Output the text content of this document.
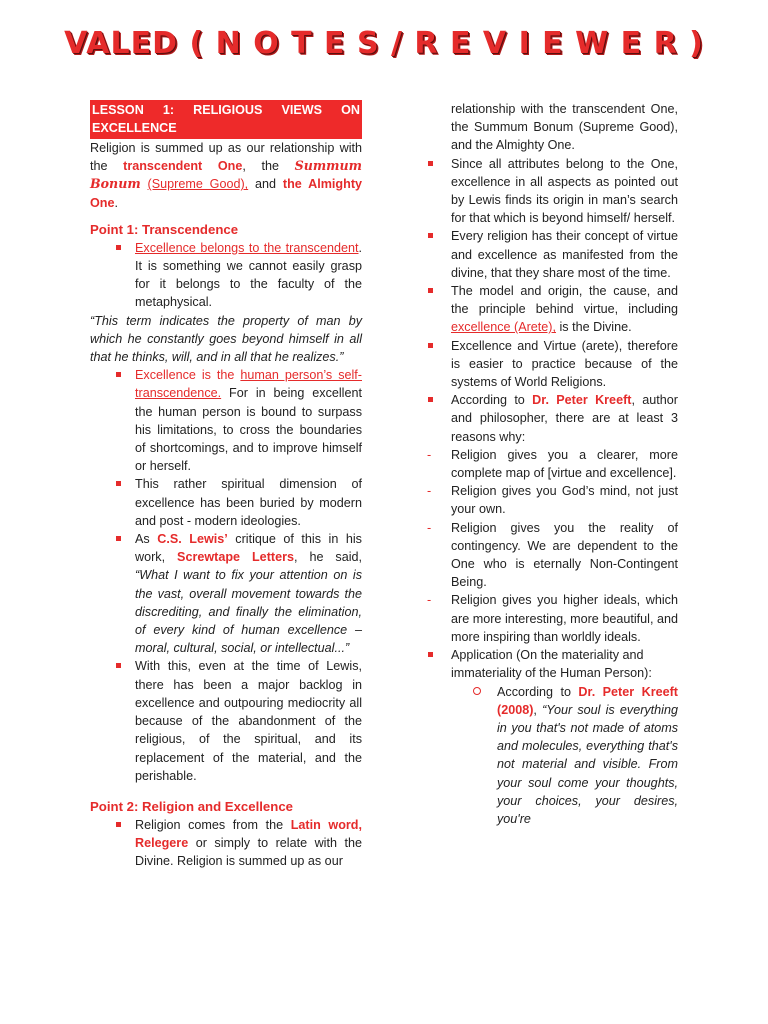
VALED ( N O T E S / R E V I E W E R )
LESSON 1: RELIGIOUS VIEWS ON EXCELLENCE

Religion is summed up as our relationship with the transcendent One, the Summum Bonum (Supreme Good), and the Almighty One.

Point 1: Transcendence
Excellence belongs to the transcendent. It is something we cannot easily grasp for it belongs to the faculty of the metaphysical.

“This term indicates the property of man by which he constantly goes beyond himself in all that he thinks, will, and in all that he realizes.”

Excellence is the human person’s self-transcendence. For in being excellent the human person is bound to surpass his limitations, to cross the boundaries of shortcomings, and to improve himself or herself.
This rather spiritual dimension of excellence has been buried by modern and post - modern ideologies.
As C.S. Lewis’ critique of this in his work, Screwtape Letters, he said, “What I want to fix your attention on is the vast, overall movement towards the discrediting, and finally the elimination, of every kind of human excellence – moral, cultural, social, or intellectual...”
With this, even at the time of Lewis, there has been a major backlog in excellence and outpouring mediocrity all because of the abandonment of the religious, of the spiritual, and its replacement of the material, and the perishable.
Point 2: Religion and Excellence
Religion comes from the Latin word, Relegere or simply to relate with the Divine. Religion is summed up as our

relationship with the transcendent One, the Summum Bonum (Supreme Good), and the Almighty One.

Since all attributes belong to the One, excellence in all aspects as pointed out by Lewis finds its origin in man’s search for that which is beyond himself/ herself.
Every religion has their concept of virtue and excellence as manifested from the divine, that they share most of the time.
The model and origin, the cause, and the principle behind virtue, including excellence (Arete), is the Divine.
Excellence and Virtue (arete), therefore is easier to practice because of the systems of World Religions.
According to Dr. Peter Kreeft, author and philosopher, there are at least 3 reasons why:
- Religion gives you a clearer, more complete map of [virtue and excellence].
- Religion gives you God’s mind, not just your own.
- Religion gives you the reality of contingency. We are dependent to the One who is eternally Non-Contingent Being.
- Religion gives you higher ideals, which are more interesting, more beautiful, and more inspiring than worldly ideals.
Application (On the materiality and immateriality of the Human Person):
According to Dr. Peter Kreeft (2008), “Your soul is everything in you that's not made of atoms and molecules, everything that's not material and visible. From your soul come your thoughts, your choices, your desires, you're
